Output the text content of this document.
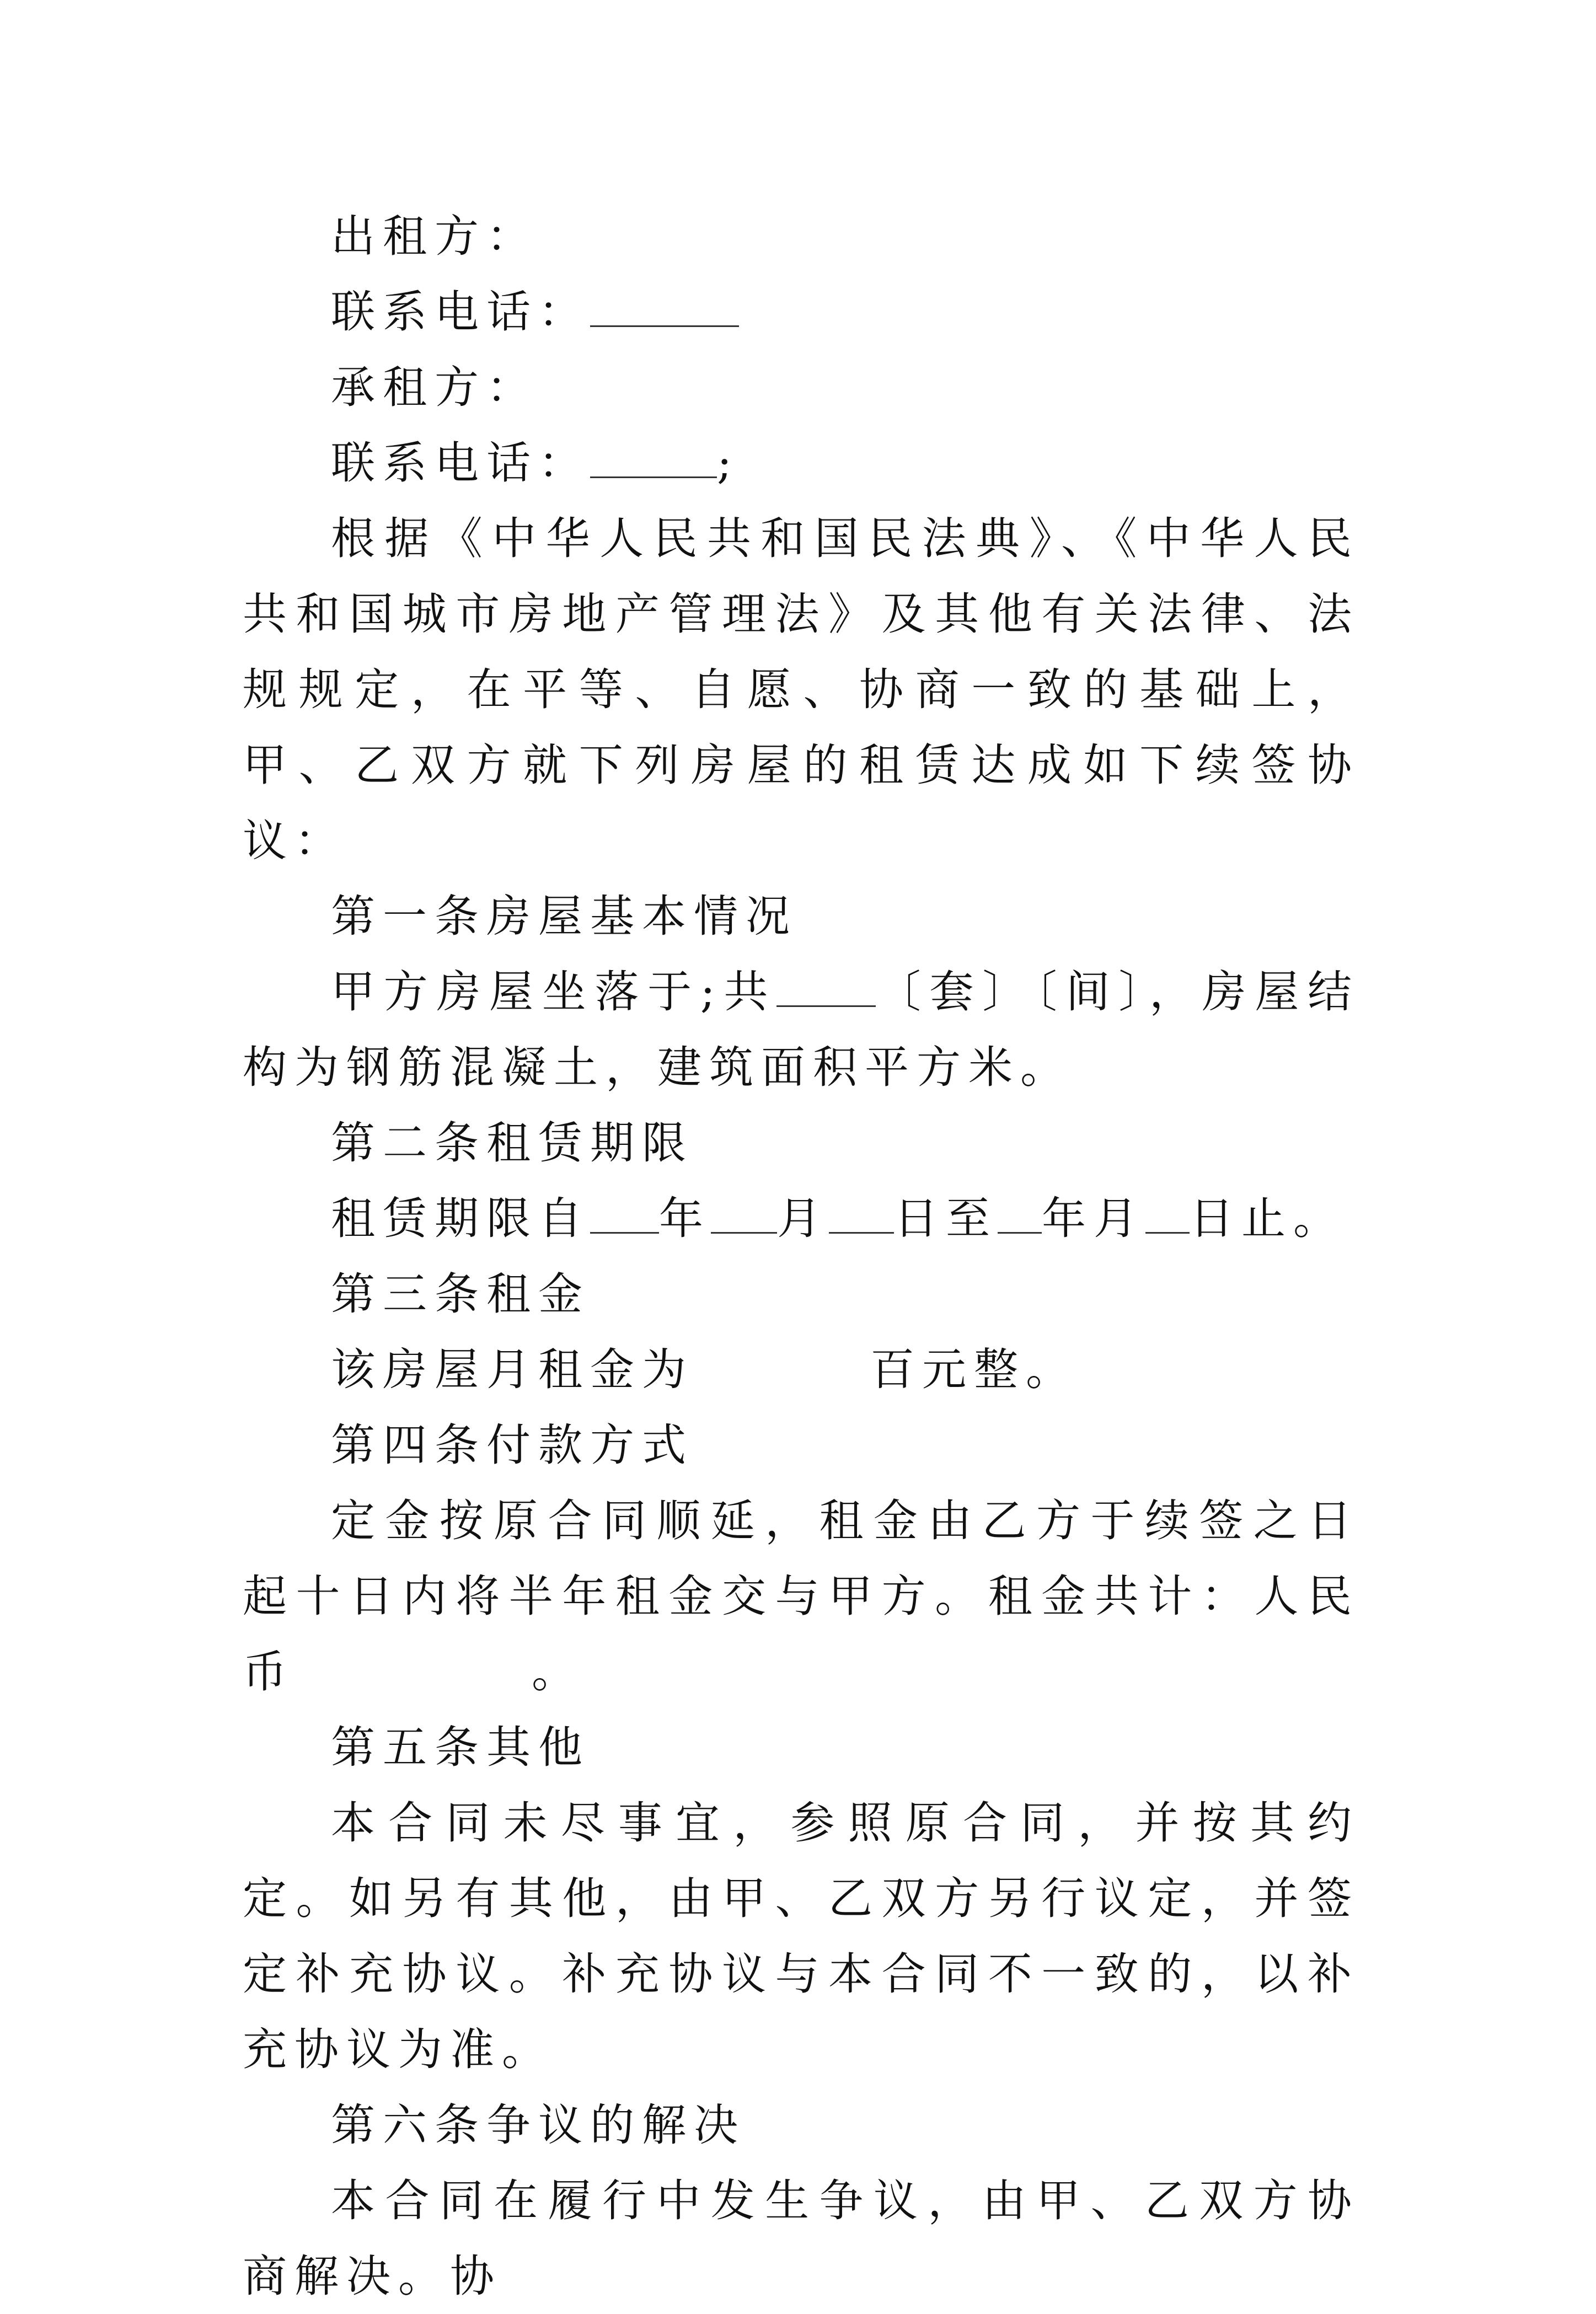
出租方：

联系电话：

承租方：

联系电话：	;

根据《中华人民共和国民法典》、《中华人民共和国城市房地产管理法》及其他有关法律、法规规定，在平等、自愿、协商一致的基础上，甲、乙双方就下列房屋的租赁达成如下续签协议：

第一条房屋基本情况

甲方房屋坐落于;共 〔套〕〔间〕，房屋结构为钢筋混凝土，建筑面积平方米。

第二条租赁期限

租赁期限自 年 月 日至 年月 日止。

第三条租金

该房屋月租金为	百元整。

第四条付款方式

定金按原合同顺延，租金由乙方于续签之日起十日内将半年租金交与甲方。租金共计：人民币	。

第五条其他

本合同未尽事宜，参照原合同，并按其约定。如另有其他，由甲、乙双方另行议定，并签定补充协议。补充协议与本合同不一致的，以补充协议为准。

第六条争议的解决

本合同在履行中发生争议，由甲、乙双方协商解决。协
